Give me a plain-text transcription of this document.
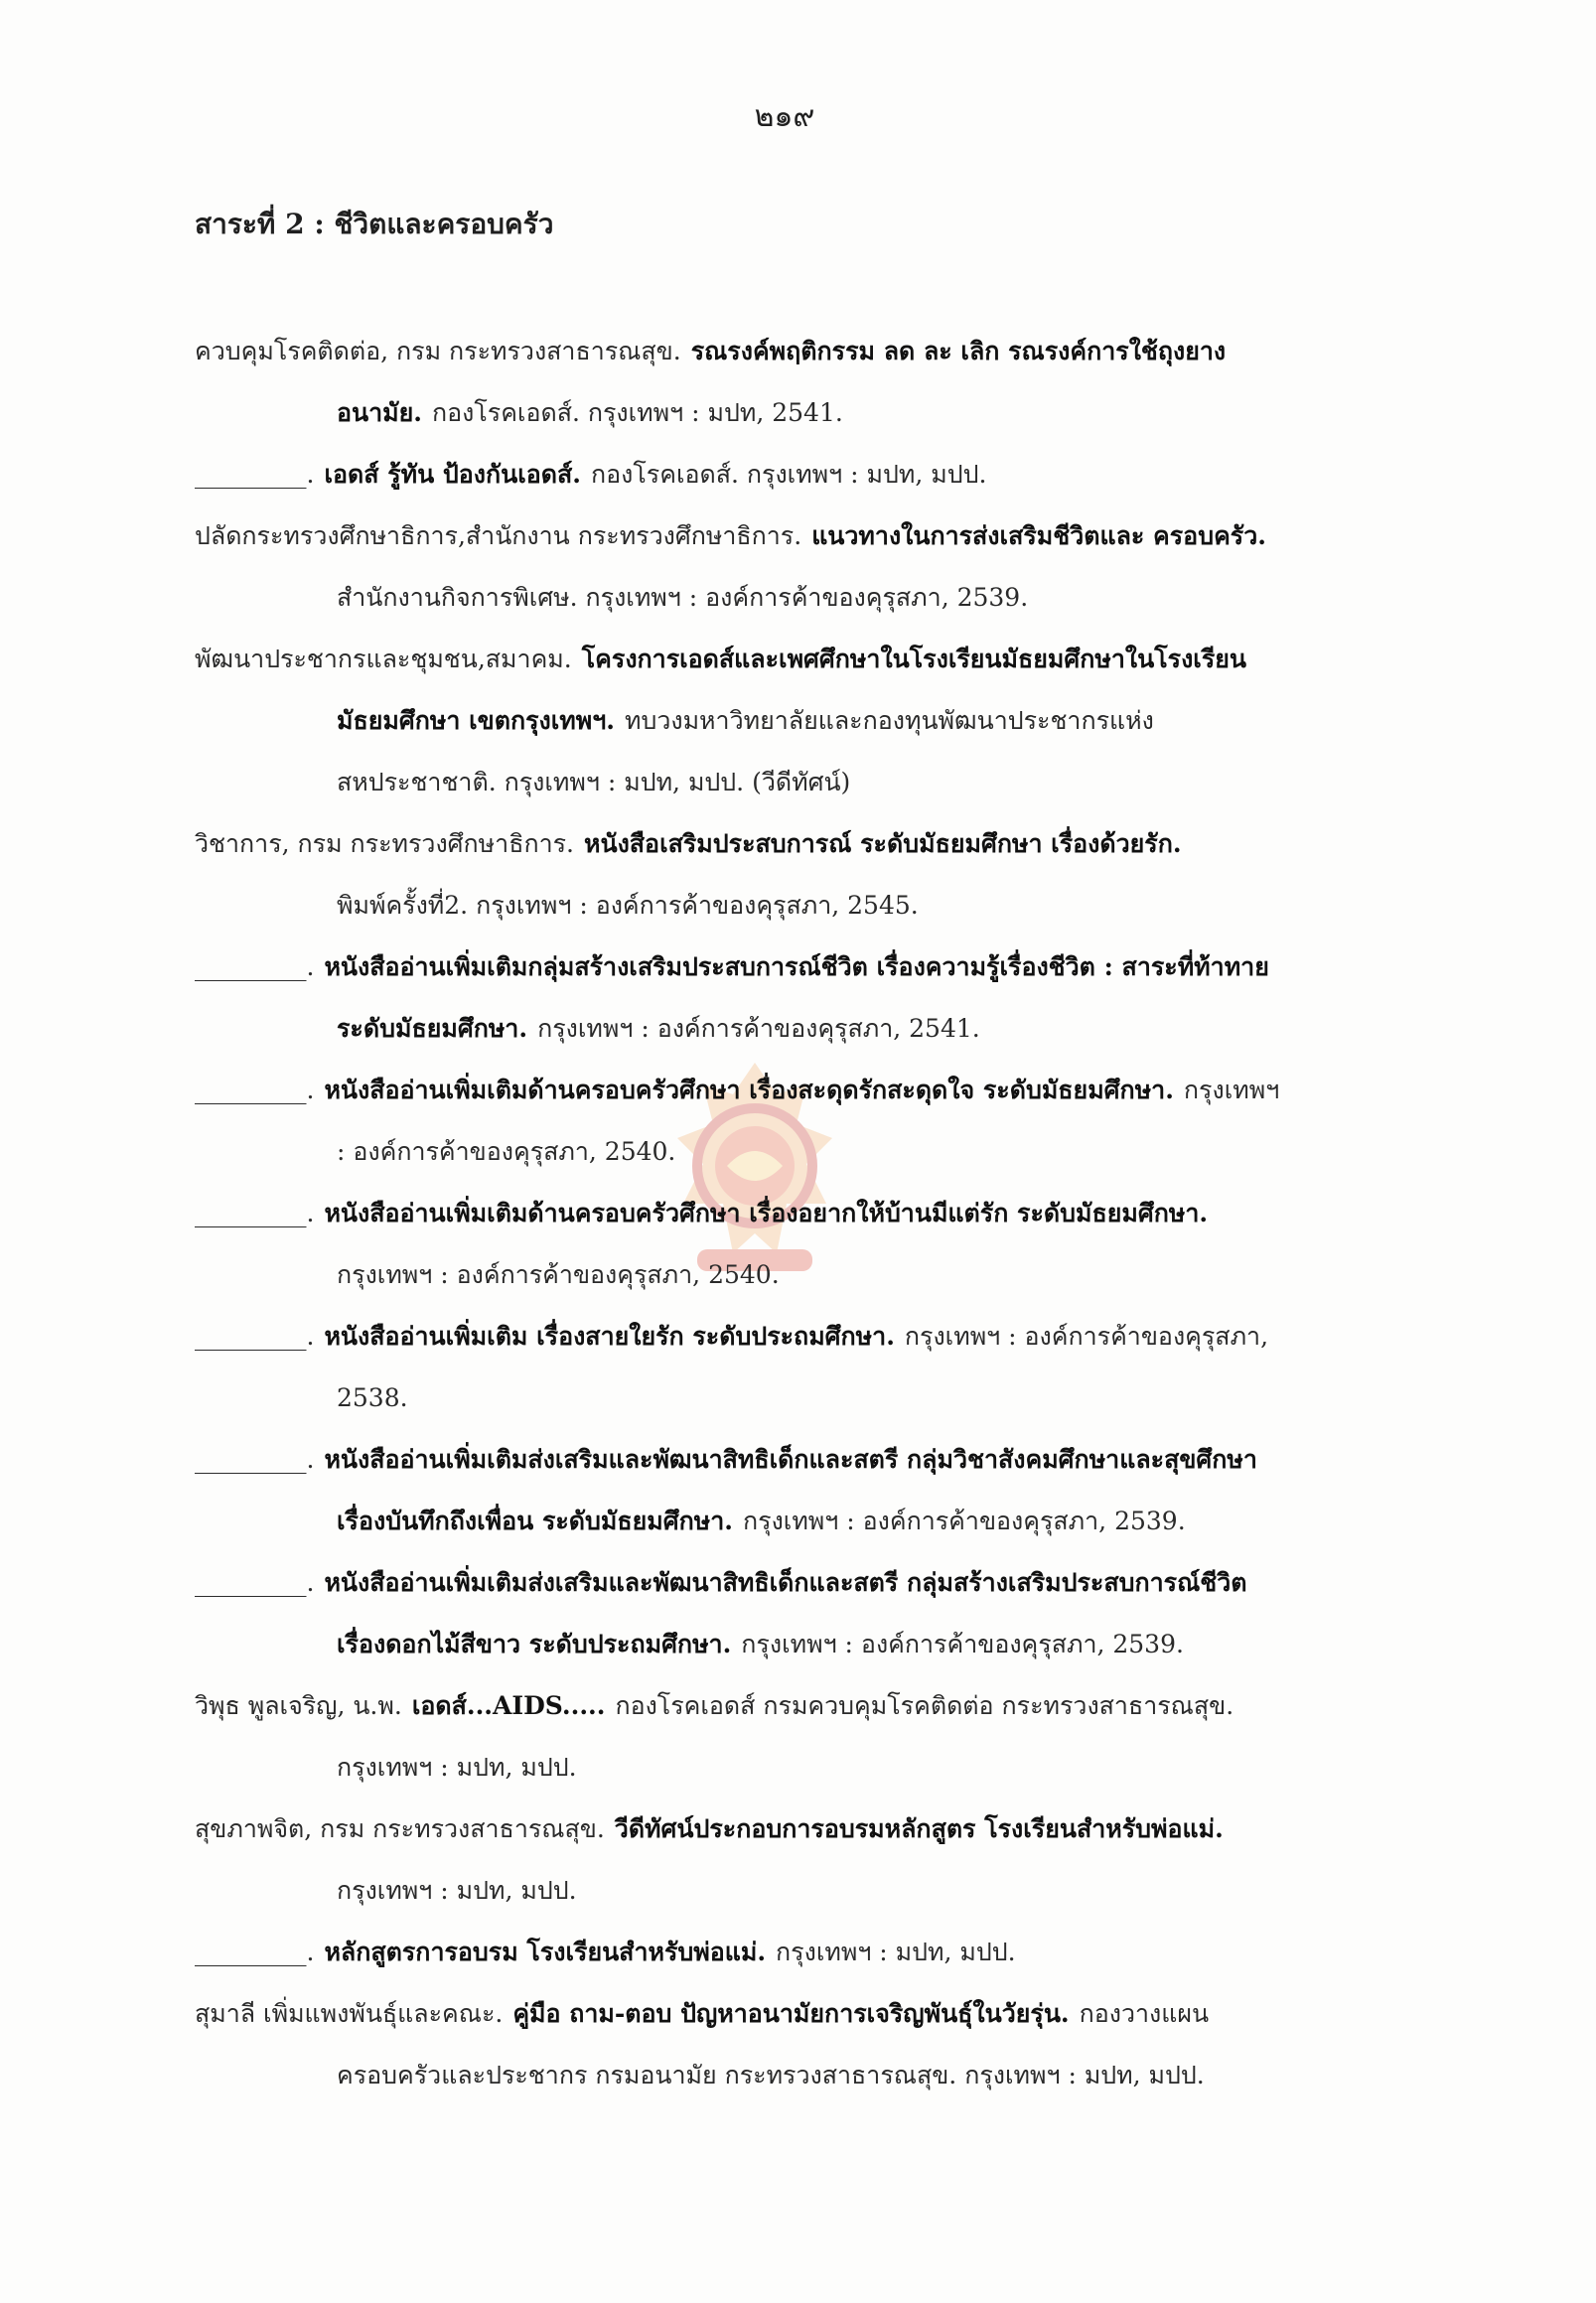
๒๑๙
สาระที่ 2 : ชีวิตและครอบครัว
ควบคุมโรคติดต่อ, กรม กระทรวงสาธารณสุข. รณรงค์พฤติกรรม ลด ละ เลิก รณรงค์การใช้ถุงยาง
อนามัย. กองโรคเอดส์. กรุงเทพฯ : มปท, 2541.
_________. เอดส์ รู้ทัน ป้องกันเอดส์. กองโรคเอดส์. กรุงเทพฯ : มปท, มปป.
ปลัดกระทรวงศึกษาธิการ,สำนักงาน กระทรวงศึกษาธิการ. แนวทางในการส่งเสริมชีวิตและ ครอบครัว.
สำนักงานกิจการพิเศษ. กรุงเทพฯ : องค์การค้าของคุรุสภา, 2539.
พัฒนาประชากรและชุมชน,สมาคม. โครงการเอดส์และเพศศึกษาในโรงเรียนมัธยมศึกษาในโรงเรียน
มัธยมศึกษา เขตกรุงเทพฯ. ทบวงมหาวิทยาลัยและกองทุนพัฒนาประชากรแห่ง
สหประชาชาติ. กรุงเทพฯ : มปท, มปป. (วีดีทัศน์)
วิชาการ, กรม กระทรวงศึกษาธิการ. หนังสือเสริมประสบการณ์ ระดับมัธยมศึกษา เรื่องด้วยรัก.
พิมพ์ครั้งที่2. กรุงเทพฯ : องค์การค้าของคุรุสภา, 2545.
_________. หนังสืออ่านเพิ่มเติมกลุ่มสร้างเสริมประสบการณ์ชีวิต เรื่องความรู้เรื่องชีวิต : สาระที่ท้าทาย
ระดับมัธยมศึกษา. กรุงเทพฯ : องค์การค้าของคุรุสภา, 2541.
_________. หนังสืออ่านเพิ่มเติมด้านครอบครัวศึกษา เรื่องสะดุดรักสะดุดใจ ระดับมัธยมศึกษา. กรุงเทพฯ
: องค์การค้าของคุรุสภา, 2540.
_________. หนังสืออ่านเพิ่มเติมด้านครอบครัวศึกษา เรื่องอยากให้บ้านมีแต่รัก ระดับมัธยมศึกษา.
กรุงเทพฯ : องค์การค้าของคุรุสภา, 2540.
_________. หนังสืออ่านเพิ่มเติม เรื่องสายใยรัก ระดับประถมศึกษา. กรุงเทพฯ : องค์การค้าของคุรุสภา,
2538.
_________. หนังสืออ่านเพิ่มเติมส่งเสริมและพัฒนาสิทธิเด็กและสตรี กลุ่มวิชาสังคมศึกษาและสุขศึกษา
เรื่องบันทึกถึงเพื่อน ระดับมัธยมศึกษา. กรุงเทพฯ : องค์การค้าของคุรุสภา, 2539.
_________. หนังสืออ่านเพิ่มเติมส่งเสริมและพัฒนาสิทธิเด็กและสตรี กลุ่มสร้างเสริมประสบการณ์ชีวิต
เรื่องดอกไม้สีขาว ระดับประถมศึกษา. กรุงเทพฯ : องค์การค้าของคุรุสภา, 2539.
วิพุธ พูลเจริญ, น.พ. เอดส์...AIDS..... กองโรคเอดส์ กรมควบคุมโรคติดต่อ กระทรวงสาธารณสุข.
กรุงเทพฯ : มปท, มปป.
สุขภาพจิต, กรม กระทรวงสาธารณสุข. วีดีทัศน์ประกอบการอบรมหลักสูตร โรงเรียนสำหรับพ่อแม่.
กรุงเทพฯ : มปท, มปป.
_________. หลักสูตรการอบรม โรงเรียนสำหรับพ่อแม่. กรุงเทพฯ : มปท, มปป.
สุมาลี เพิ่มแพงพันธุ์และคณะ. คู่มือ ถาม-ตอบ ปัญหาอนามัยการเจริญพันธุ์ในวัยรุ่น. กองวางแผน
ครอบครัวและประชากร กรมอนามัย กระทรวงสาธารณสุข. กรุงเทพฯ : มปท, มปป.
